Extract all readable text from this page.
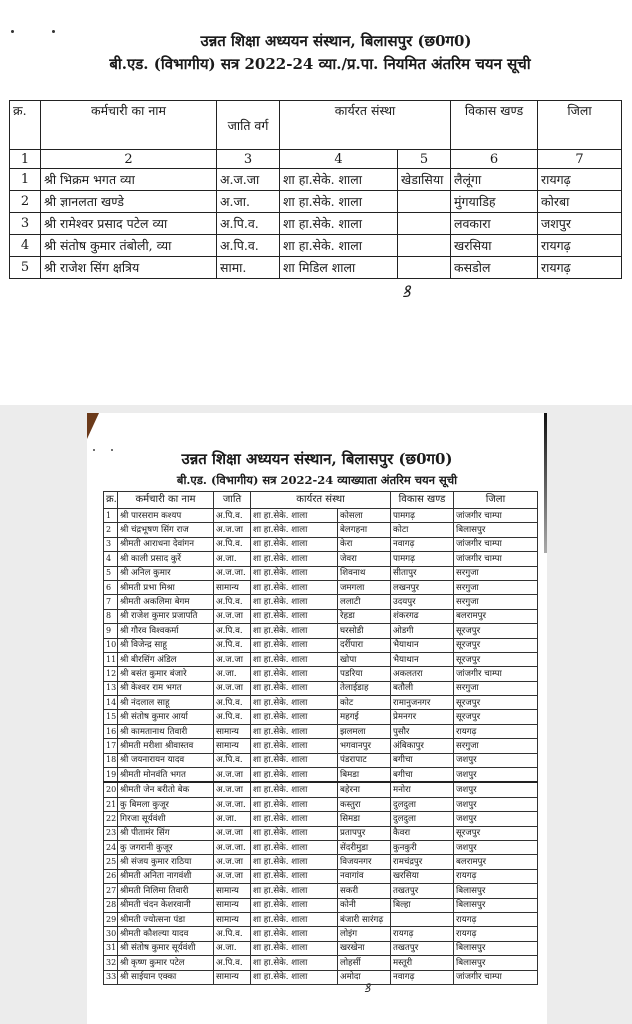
उन्नत शिक्षा अध्ययन संस्थान, बिलासपुर (छ0ग0)
बी.एड. (विभागीय) सत्र 2022-24 व्या./प्र.पा. नियमित अंतरिम चयन सूची
क्र.	कर्मचारी का नाम	जाति वर्ग	कार्यरत संस्था		विकास खण्ड	जिला
1	2	3	4	5	6	7
1	श्री भिक्रम भगत व्या	अ.ज.जा	शा हा.सेके. शाला	खेडासिया	लैलूंगा	रायगढ़
2	श्री ज्ञानलता खण्डे	अ.जा.	शा हा.सेके. शाला		मुंगयाडिह	कोरबा
3	श्री रामेश्वर प्रसाद पटेल व्या	अ.पि.व.	शा हा.सेके. शाला		लवकारा	जशपुर
4	श्री संतोष कुमार तंबोली, व्या	अ.पि.व.	शा हा.सेके. शाला		खरसिया	रायगढ़
5	श्री राजेश सिंग क्षत्रिय	सामा.	शा मिडिल शाला		कसडोल	रायगढ़
ꝸ
उन्नत शिक्षा अध्ययन संस्थान, बिलासपुर (छ0ग0)
बी.एड. (विभागीय) सत्र 2022-24 व्याख्याता अंतरिम चयन सूची
क्र.	कर्मचारी का नाम	जाति	कार्यरत संस्था		विकास खण्ड	जिला
1	श्री पारसराम कश्यप	अ.पि.व.	शा हा.सेके. शाला	कोसला	पामगढ़	जांजगीर चाम्पा
2	श्री चंद्रभूषण सिंग राज	अ.ज.जा	शा हा.सेके. शाला	बेलगहना	कोटा	बिलासपुर
3	श्रीमती आराधना देवांगन	अ.पि.व.	शा हा.सेके. शाला	केरा	नवागढ़	जांजगीर चाम्पा
4	श्री काली प्रसाद कुर्रे	अ.जा.	शा हा.सेके. शाला	जेवरा	पामगढ़	जांजगीर चाम्पा
5	श्री अनिल कुमार	अ.ज.जा.	शा हा.सेके. शाला	शिवनाथ	सीतापुर	सरगुजा
6	श्रीमती प्रभा मिश्रा	सामान्य	शा हा.सेके. शाला	जमगला	लखनपुर	सरगुजा
7	श्रीमती अकलिमा बेगम	अ.पि.व.	शा हा.सेके. शाला	ललाटी	उदयपुर	सरगुजा
8	श्री राजेश कुमार प्रजापति	अ.ज.जा	शा हा.सेके. शाला	रेहडा	शंकरगढ	बलरामपुर
9	श्री गौरव विश्वकर्मा	अ.पि.व.	शा हा.सेके. शाला	घरसोडी	ओडगी	सूरजपुर
10	श्री विजेन्द्र साहू	अ.पि.व.	शा हा.सेके. शाला	दर्रीपारा	भैयाथान	सूरजपुर
11	श्री बीरसिंग अंडिल	अ.ज.जा	शा हा.सेके. शाला	खोपा	भैयाथान	सूरजपुर
12	श्री बसंत कुमार बंजारे	अ.जा.	शा हा.सेके. शाला	पडरिया	अकलतरा	जांजगीर चाम्पा
13	श्री केश्वर राम भगत	अ.ज.जा	शा हा.सेके. शाला	तेलाईडाह	बतौली	सरगुजा
14	श्री नंदलाल साहू	अ.पि.व.	शा हा.सेके. शाला	कोट	रामानुजनगर	सूरजपुर
15	श्री संतोष कुमार आर्या	अ.पि.व.	शा हा.सेके. शाला	महगई	प्रेमनगर	सूरजपुर
16	श्री कामतानाथ तिवारी	सामान्य	शा हा.सेके. शाला	झलमला	पुसौर	रायगढ़
17	श्रीमती मरीशा श्रीवास्तव	सामान्य	शा हा.सेके. शाला	भगवानपुर	अंबिकापुर	सरगुजा
18	श्री जयनारायन यादव	अ.पि.व.	शा हा.सेके. शाला	पंडरापाट	बगीचा	जशपुर
19	श्रीमती मोनवंति भगत	अ.ज.जा	शा हा.सेके. शाला	बिमडा	बगीचा	जशपुर
20	श्रीमती जेन बरीतो बेक	अ.ज.जा	शा हा.सेके. शाला	बहेरना	मनोरा	जशपुर
21	कु बिमला कुजूर	अ.ज.जा.	शा हा.सेके. शाला	कस्तुरा	दुलदुला	जशपुर
22	गिरजा सूर्यवंशी	अ.जा.	शा हा.सेके. शाला	सिमडा	दुलदुला	जशपुर
23	श्री पीतामंर सिंग	अ.ज.जा	शा हा.सेके. शाला	प्रतापपुर	कैवरा	सूरजपुर
24	कु जगरानी कुजूर	अ.ज.जा.	शा हा.सेके. शाला	सेंदरीमुडा	कुनकुरी	जशपुर
25	श्री संजय कुमार राठिया	अ.ज.जा	शा हा.सेके. शाला	विजयनगर	रामचंद्रपुर	बलरामपुर
26	श्रीमती अनिता नागवंशी	अ.ज.जा	शा हा.सेके. शाला	नवागांव	खरसिया	रायगढ़
27	श्रीमती निलिमा तिवारी	सामान्य	शा हा.सेके. शाला	सकरी	तखतपुर	बिलासपुर
28	श्रीमती चंदन केशरवानी	सामान्य	शा हा.सेके. शाला	कोनी	बिल्हा	बिलासपुर
29	श्रीमती ज्योत्सना पंडा	सामान्य	शा हा.सेके. शाला	बंजारी सारंगढ़		रायगढ़
30	श्रीमती कौशल्या यादव	अ.पि.व.	शा हा.सेके. शाला	लोइंग	रायगढ़	रायगढ़
31	श्री संतोष कुमार सूर्यवंशी	अ.जा.	शा हा.सेके. शाला	खरखेना	तखतपुर	बिलासपुर
32	श्री कृष्ण कुमार पटेल	अ.पि.व.	शा हा.सेके. शाला	लोहर्सी	मस्तूरी	बिलासपुर
33	श्री साईयान एक्का	सामान्य	शा हा.सेके. शाला	अमोदा	नवागढ़	जांजगीर चाम्पा
ꝸ
